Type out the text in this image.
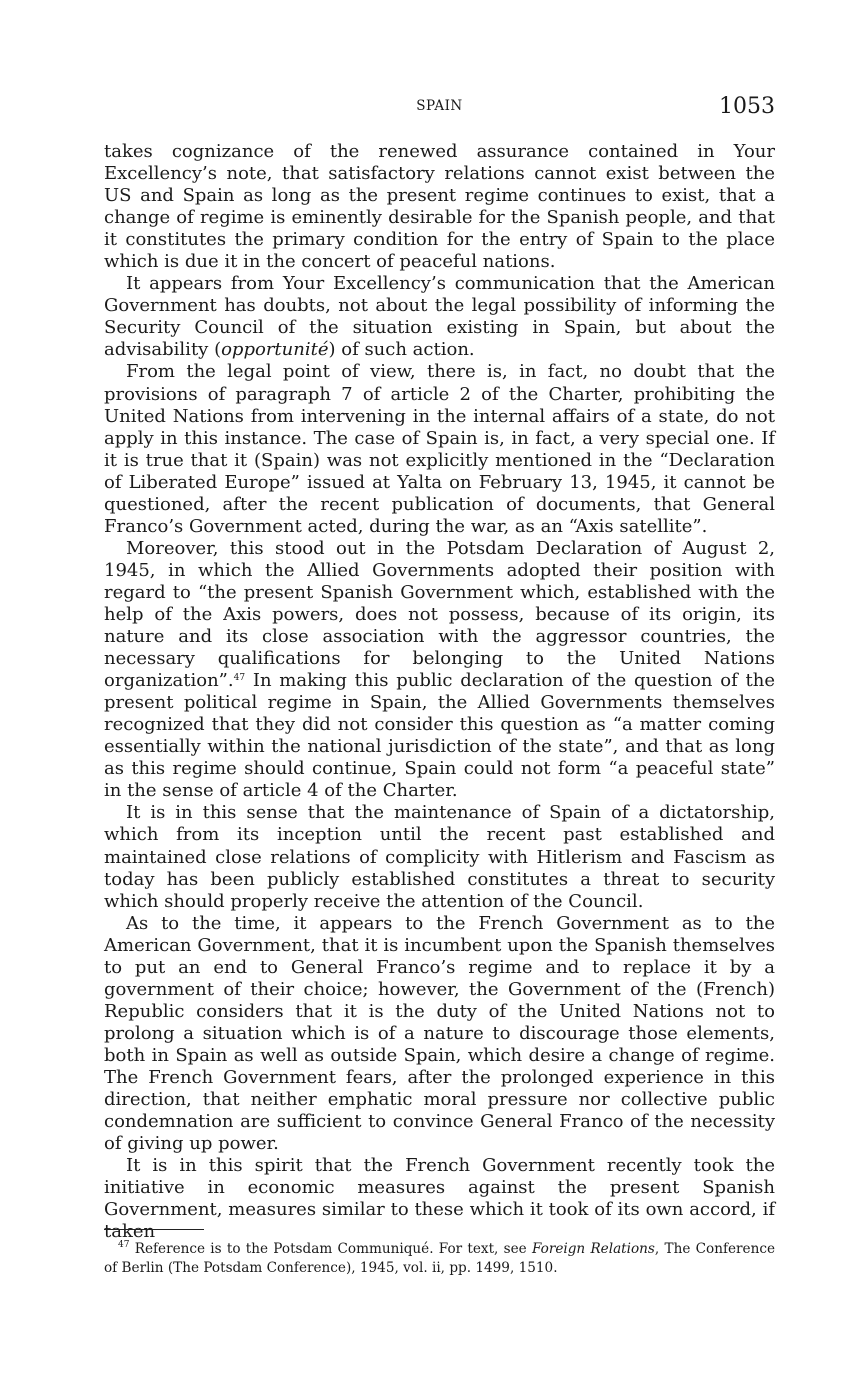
SPAIN	1053

takes cognizance of the renewed assurance contained in Your Excellency’s note, that satisfactory relations cannot exist between the US and Spain as long as the present regime continues to exist, that a change of regime is eminently desirable for the Spanish people, and that it constitutes the primary condition for the entry of Spain to the place which is due it in the concert of peaceful nations.

It appears from Your Excellency’s communication that the American Government has doubts, not about the legal possibility of informing the Security Council of the situation existing in Spain, but about the advisability (opportunité) of such action.

From the legal point of view, there is, in fact, no doubt that the provisions of paragraph 7 of article 2 of the Charter, prohibiting the United Nations from intervening in the internal affairs of a state, do not apply in this instance. The case of Spain is, in fact, a very special one. If it is true that it (Spain) was not explicitly mentioned in the “Declaration of Liberated Europe” issued at Yalta on February 13, 1945, it cannot be questioned, after the recent publication of documents, that General Franco’s Government acted, during the war, as an “Axis satellite”.

Moreover, this stood out in the Potsdam Declaration of August 2, 1945, in which the Allied Governments adopted their position with regard to “the present Spanish Government which, established with the help of the Axis powers, does not possess, because of its origin, its nature and its close association with the aggressor countries, the necessary qualifications for belonging to the United Nations organization”.$^{47}$ In making this public declaration of the question of the present political regime in Spain, the Allied Governments themselves recognized that they did not consider this question as “a matter coming essentially within the national jurisdiction of the state”, and that as long as this regime should continue, Spain could not form “a peaceful state” in the sense of article 4 of the Charter.

It is in this sense that the maintenance of Spain of a dictatorship, which from its inception until the recent past established and maintained close relations of complicity with Hitlerism and Fascism as today has been publicly established constitutes a threat to security which should properly receive the attention of the Council.

As to the time, it appears to the French Government as to the American Government, that it is incumbent upon the Spanish themselves to put an end to General Franco’s regime and to replace it by a government of their choice; however, the Government of the (French) Republic considers that it is the duty of the United Nations not to prolong a situation which is of a nature to discourage those elements, both in Spain as well as outside Spain, which desire a change of regime. The French Government fears, after the prolonged experience in this direction, that neither emphatic moral pressure nor collective public condemnation are sufficient to convince General Franco of the necessity of giving up power.

It is in this spirit that the French Government recently took the initiative in economic measures against the present Spanish Government, measures similar to these which it took of its own accord, if taken

$^{47}$ Reference is to the Potsdam Communiqué. For text, see Foreign Relations, The Conference of Berlin (The Potsdam Conference), 1945, vol. ii, pp. 1499, 1510.
